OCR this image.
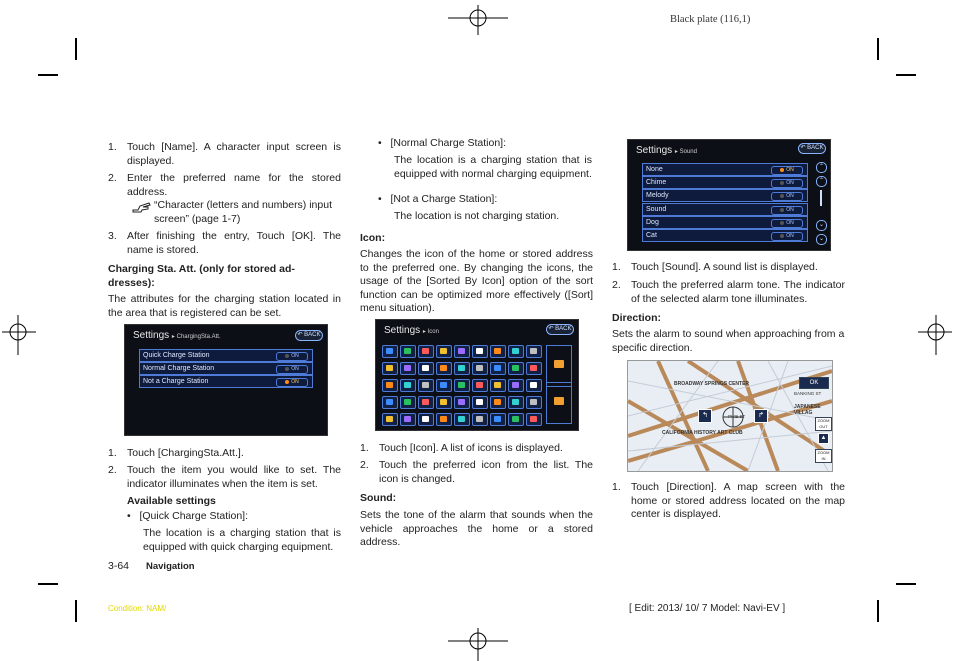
Black plate (116,1)
1. Touch [Name]. A character input screen is displayed.
2. Enter the preferred name for the stored address.
“Character (letters and numbers) input screen” (page 1-7)
3. After finishing the entry, Touch [OK]. The name is stored.
Charging Sta. Att. (only for stored ad-
dresses):
The attributes for the charging station located in the area that is registered can be set.
Settings ▸ ChargingSta.Att.	↶ BACK
Quick Charge Station	ON
Normal Charge Station	ON
Not a Charge Station	ON
1. Touch [ChargingSta.Att.].
2. Touch the item you would like to set. The indicator illuminates when the item is set.
Available settings
•   [Quick Charge Station]:
The location is a charging station that is equipped with quick charging equipment.
3-64 Navigation
•   [Normal Charge Station]:
The location is a charging station that is equipped with normal charging equipment.
•   [Not a Charge Station]:
The location is not charging station.
Icon:
Changes the icon of the home or stored address to the preferred one. By changing the icons, the usage of the [Sorted By Icon] option of the sort function can be optimized more effectively ([Sort] menu situation).
Settings ▸ Icon	↶ BACK
1. Touch [Icon]. A list of icons is displayed.
2. Touch the preferred icon from the list. The icon is changed.
Sound:
Sets the tone of the alarm that sounds when the vehicle approaches the home or a stored address.
Settings ▸ Sound
↶ BACK
None	ON
Chime	ON
Melody	ON
Sound	ON
Dog	ON
Cat	ON
⌃
⌃
⌄
⌄
1. Touch [Sound]. A sound list is displayed.
2. Touch the preferred alarm tone. The indicator of the selected alarm tone illuminates.
Direction:
Sets the alarm to sound when approaching from a specific direction.
BROADWAY SPRINGS CENTER
BANKING ST
JAPANESE VILLAG
PIKE ST
CALIFORNIA HISTORY ART CLUB
OK
↰	↱
ZOOM OUT
▲
ZOOM IN
1. Touch [Direction]. A map screen with the home or stored address located on the map center is displayed.
Condition: NAM/	[ Edit: 2013/ 10/ 7 Model: Navi-EV ]
